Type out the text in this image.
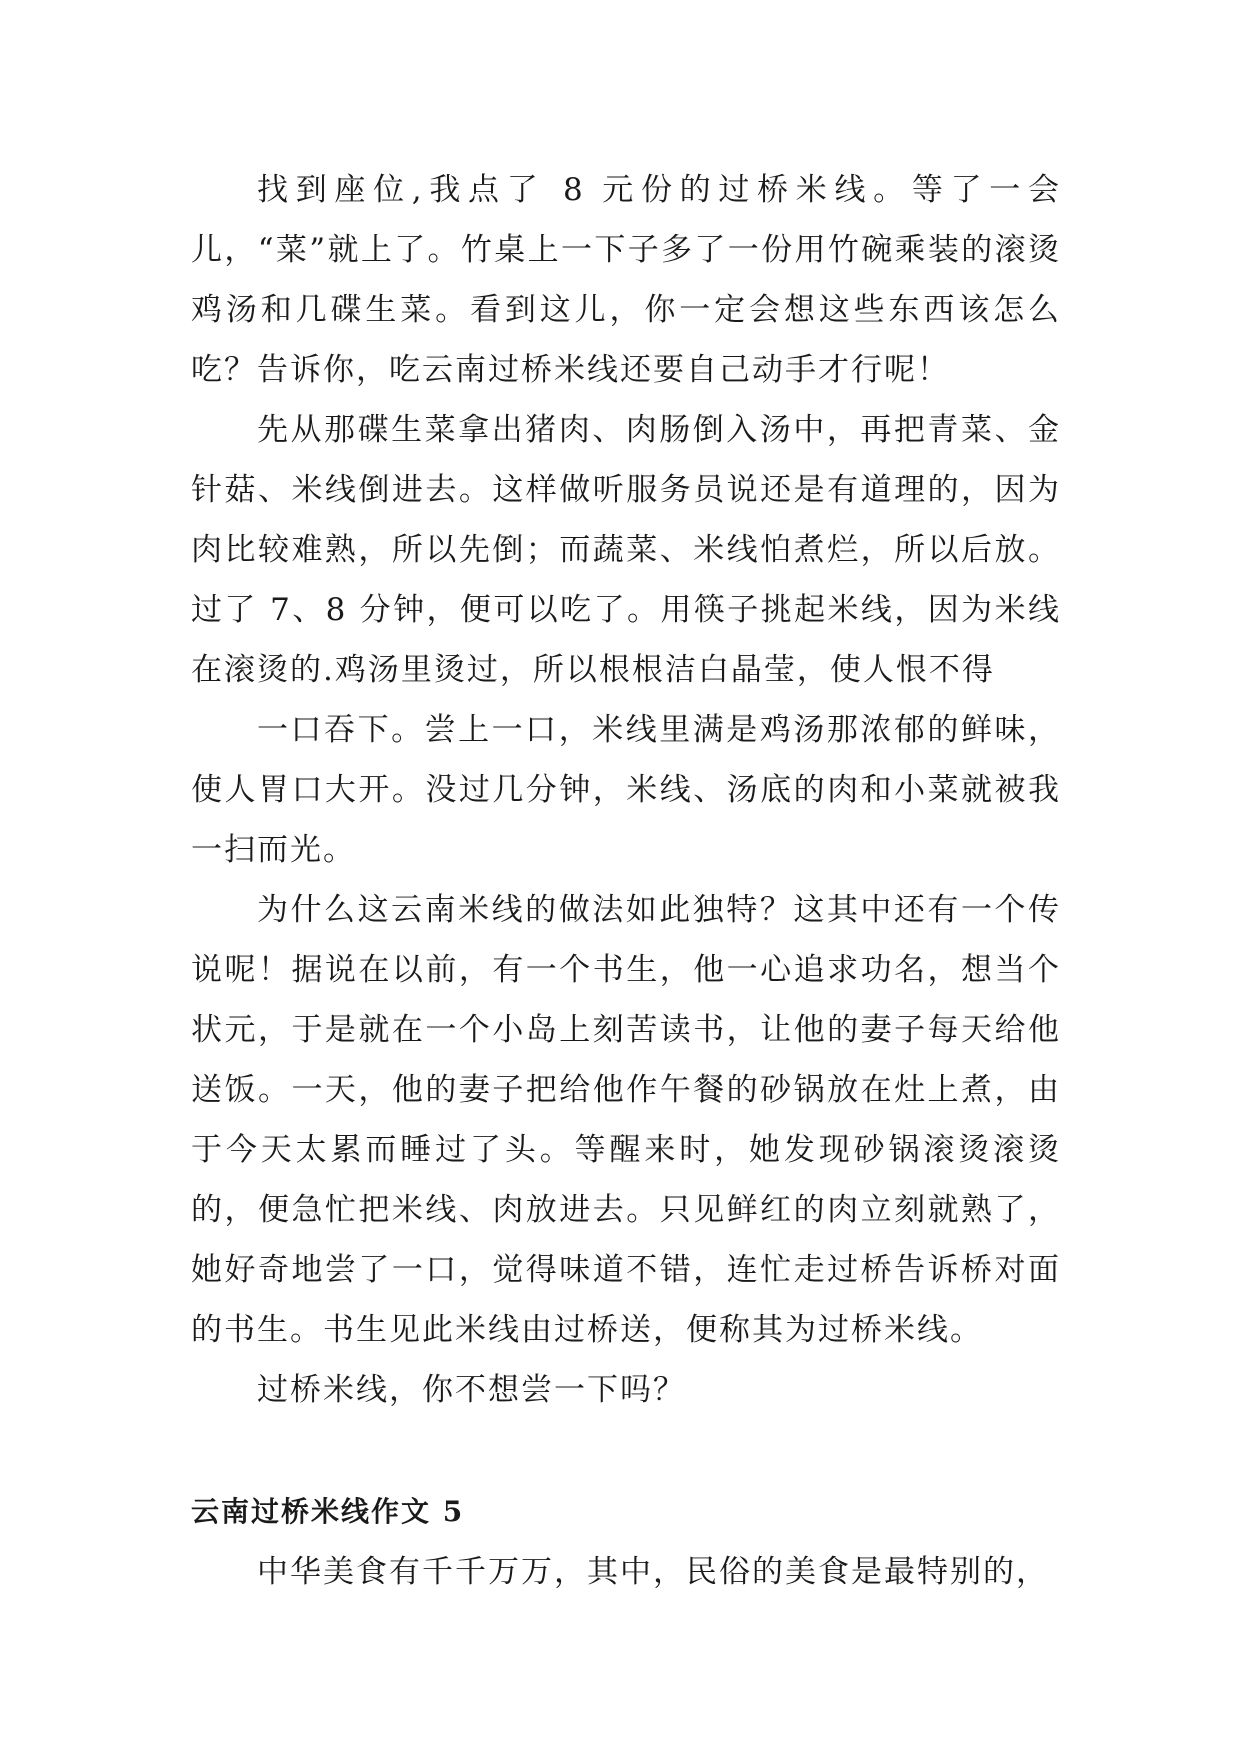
找到座位,我点了 8 元份的过桥米线。等了一会儿，“菜”就上了。竹桌上一下子多了一份用竹碗乘装的滚烫鸡汤和几碟生菜。看到这儿，你一定会想这些东西该怎么吃？告诉你，吃云南过桥米线还要自己动手才行呢！

先从那碟生菜拿出猪肉、肉肠倒入汤中，再把青菜、金针菇、米线倒进去。这样做听服务员说还是有道理的，因为肉比较难熟，所以先倒；而蔬菜、米线怕煮烂，所以后放。过了 7、8 分钟，便可以吃了。用筷子挑起米线，因为米线在滚烫的.鸡汤里烫过，所以根根洁白晶莹，使人恨不得

一口吞下。尝上一口，米线里满是鸡汤那浓郁的鲜味，使人胃口大开。没过几分钟，米线、汤底的肉和小菜就被我一扫而光。

为什么这云南米线的做法如此独特？这其中还有一个传说呢！据说在以前，有一个书生，他一心追求功名，想当个状元，于是就在一个小岛上刻苦读书，让他的妻子每天给他送饭。一天，他的妻子把给他作午餐的砂锅放在灶上煮，由于今天太累而睡过了头。等醒来时，她发现砂锅滚烫滚烫的，便急忙把米线、肉放进去。只见鲜红的肉立刻就熟了，她好奇地尝了一口，觉得味道不错，连忙走过桥告诉桥对面的书生。书生见此米线由过桥送，便称其为过桥米线。

过桥米线，你不想尝一下吗？

云南过桥米线作文 5

中华美食有千千万万，其中，民俗的美食是最特别的，
